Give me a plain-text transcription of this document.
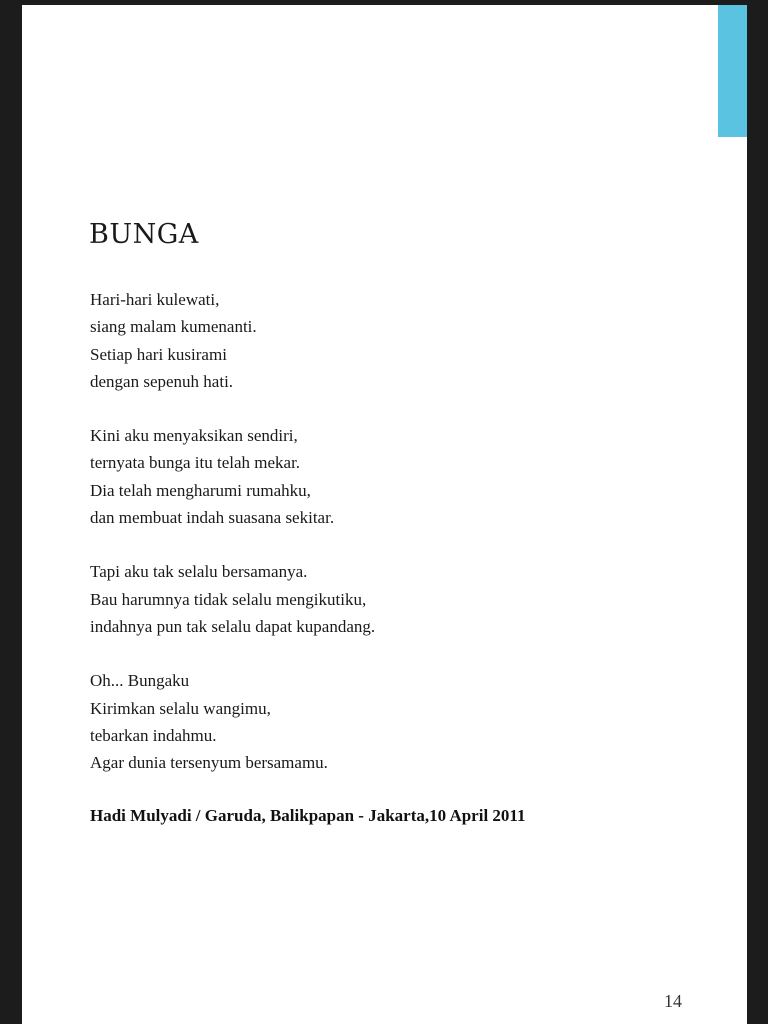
BUNGA
Hari-hari kulewati,
siang malam kumenanti.
Setiap hari kusirami
dengan sepenuh hati.
Kini aku menyaksikan sendiri,
ternyata bunga itu telah mekar.
Dia telah mengharumi rumahku,
dan membuat indah suasana sekitar.
Tapi aku tak selalu bersamanya.
Bau harumnya tidak selalu mengikutiku,
indahnya pun tak selalu dapat kupandang.
Oh... Bungaku
Kirimkan selalu wangimu,
tebarkan indahmu.
Agar dunia tersenyum bersamamu.

Hadi Mulyadi / Garuda, Balikpapan - Jakarta,10 April 2011

14
